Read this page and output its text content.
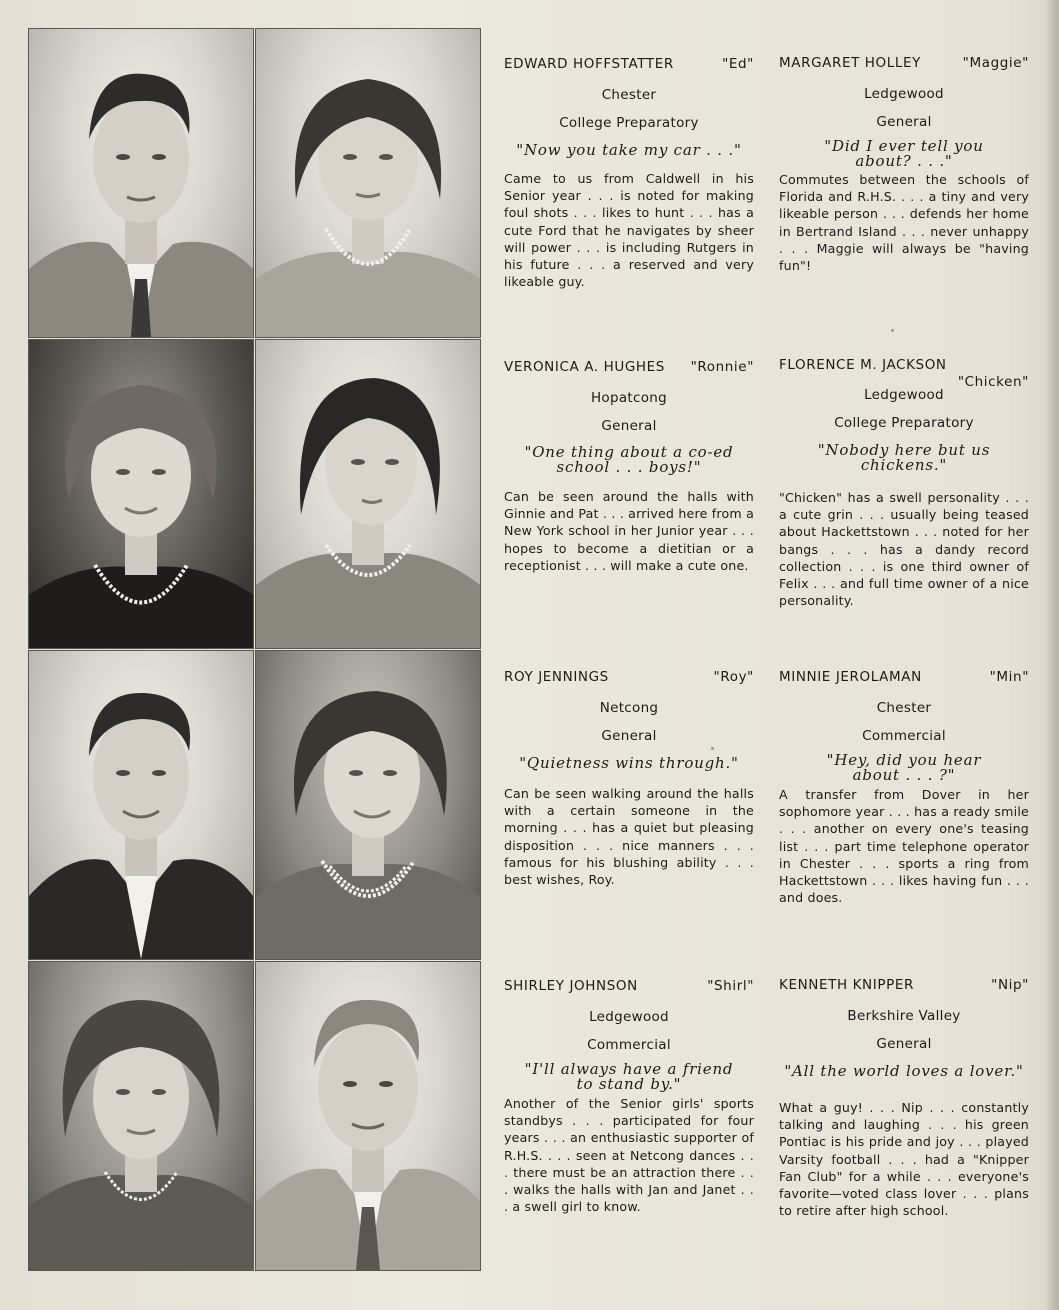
EDWARD HOFFSTATTER	"Ed"
Chester
College Preparatory
"Now you take my car . . ."
Came to us from Caldwell in his Senior year . . . is noted for making foul shots . . . likes to hunt . . . has a cute Ford that he navigates by sheer will power . . . is including Rutgers in his future . . . a reserved and very likeable guy.
MARGARET HOLLEY	"Maggie"
Ledgewood
General
"Did I ever tell you about? . . ."
Commutes between the schools of Florida and R.H.S. . . . a tiny and very likeable person . . . defends her home in Bertrand Island . . . never unhappy . . . Maggie will always be "having fun"!
VERONICA A. HUGHES "Ronnie"
Hopatcong
General
"One thing about a co-ed school . . . boys!"
Can be seen around the halls with Ginnie and Pat . . . arrived here from a New York school in her Junior year . . . hopes to become a dietitian or a receptionist . . . will make a cute one.
FLORENCE M. JACKSON
"Chicken"
Ledgewood
College Preparatory
"Nobody here but us chickens."
"Chicken" has a swell personality . . . a cute grin . . . usually being teased about Hackettstown . . . noted for her bangs . . . has a dandy record collection . . . is one third owner of Felix . . . and full time owner of a nice personality.
ROY JENNINGS	"Roy"
Netcong
General
"Quietness wins through."
Can be seen walking around the halls with a certain someone in the morning . . . has a quiet but pleasing disposition . . . nice manners . . . famous for his blushing ability . . . best wishes, Roy.
MINNIE JEROLAMAN	"Min"
Chester
Commercial
"Hey, did you hear about . . . ?"
A transfer from Dover in her sophomore year . . . has a ready smile . . . another on every one's teasing list . . . part time telephone operator in Chester . . . sports a ring from Hackettstown . . . likes having fun . . . and does.
SHIRLEY JOHNSON	"Shirl"
Ledgewood
Commercial
"I'll always have a friend to stand by."
Another of the Senior girls' sports standbys . . . participated for four years . . . an enthusiastic supporter of R.H.S. . . . seen at Netcong dances . . . there must be an attraction there . . . walks the halls with Jan and Janet . . . a swell girl to know.
KENNETH KNIPPER	"Nip"
Berkshire Valley
General
"All the world loves a lover."
What a guy! . . . Nip . . . constantly talking and laughing . . . his green Pontiac is his pride and joy . . . played Varsity football . . . had a "Knipper Fan Club" for a while . . . everyone's favorite—voted class lover . . . plans to retire after high school.
